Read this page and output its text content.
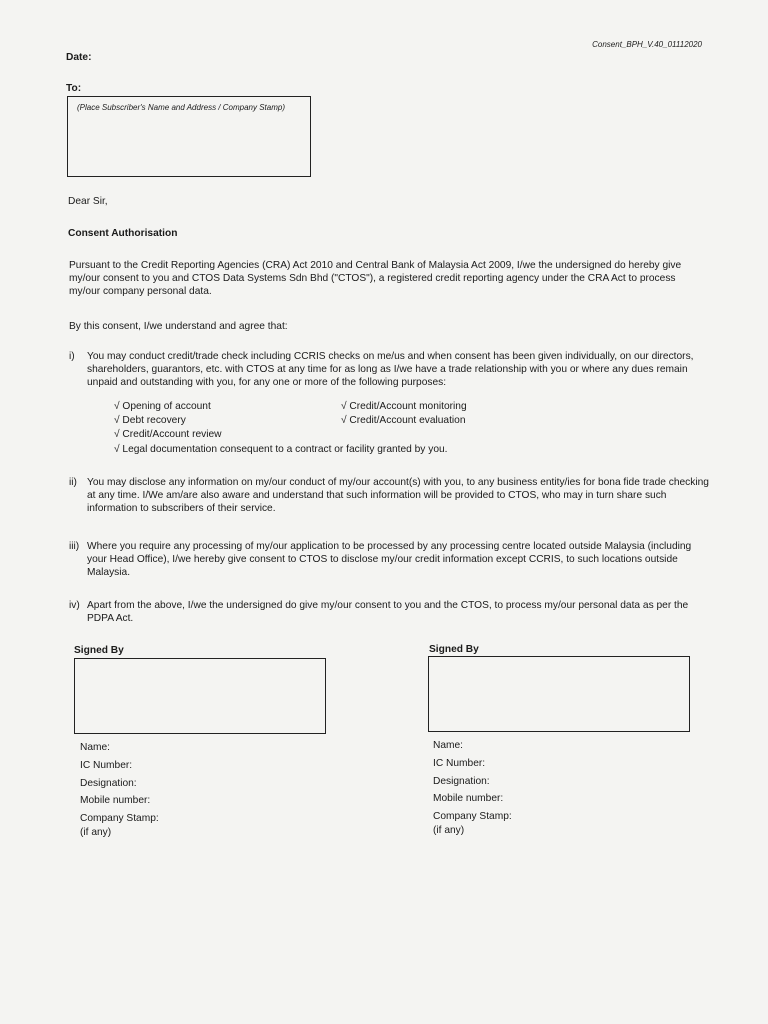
Consent_BPH_V.40_01112020
Date:
To:
(Place Subscriber's Name and Address / Company Stamp)
Dear Sir,
Consent Authorisation
Pursuant to the Credit Reporting Agencies (CRA) Act 2010 and Central Bank of Malaysia Act 2009, I/we the undersigned do hereby give my/our consent to you and CTOS Data Systems Sdn Bhd ("CTOS"), a registered credit reporting agency under the CRA Act to process my/our company personal data.
By this consent, I/we understand and agree that:
i) You may conduct credit/trade check including CCRIS checks on me/us and when consent has been given individually, on our directors, shareholders, guarantors, etc. with CTOS at any time for as long as I/we have a trade relationship with you or where any dues remain unpaid and outstanding with you, for any one or more of the following purposes:
√ Opening of account
√ Debt recovery
√ Credit/Account review
√ Legal documentation consequent to a contract or facility granted by you.
√ Credit/Account monitoring
√ Credit/Account evaluation
ii) You may disclose any information on my/our conduct of my/our account(s) with you, to any business entity/ies for bona fide trade checking at any time. I/We am/are also aware and understand that such information will be provided to CTOS, who may in turn share such information to subscribers of their service.
iii) Where you require any processing of my/our application to be processed by any processing centre located outside Malaysia (including your Head Office), I/we hereby give consent to CTOS to disclose my/our credit information except CCRIS, to such locations outside Malaysia.
iv) Apart from the above, I/we the undersigned do give my/our consent to you and the CTOS, to process my/our personal data as per the PDPA Act.
Signed By
Name:
IC Number:
Designation:
Mobile number:
Company Stamp:
(if any)
Signed By
Name:
IC Number:
Designation:
Mobile number:
Company Stamp:
(if any)
